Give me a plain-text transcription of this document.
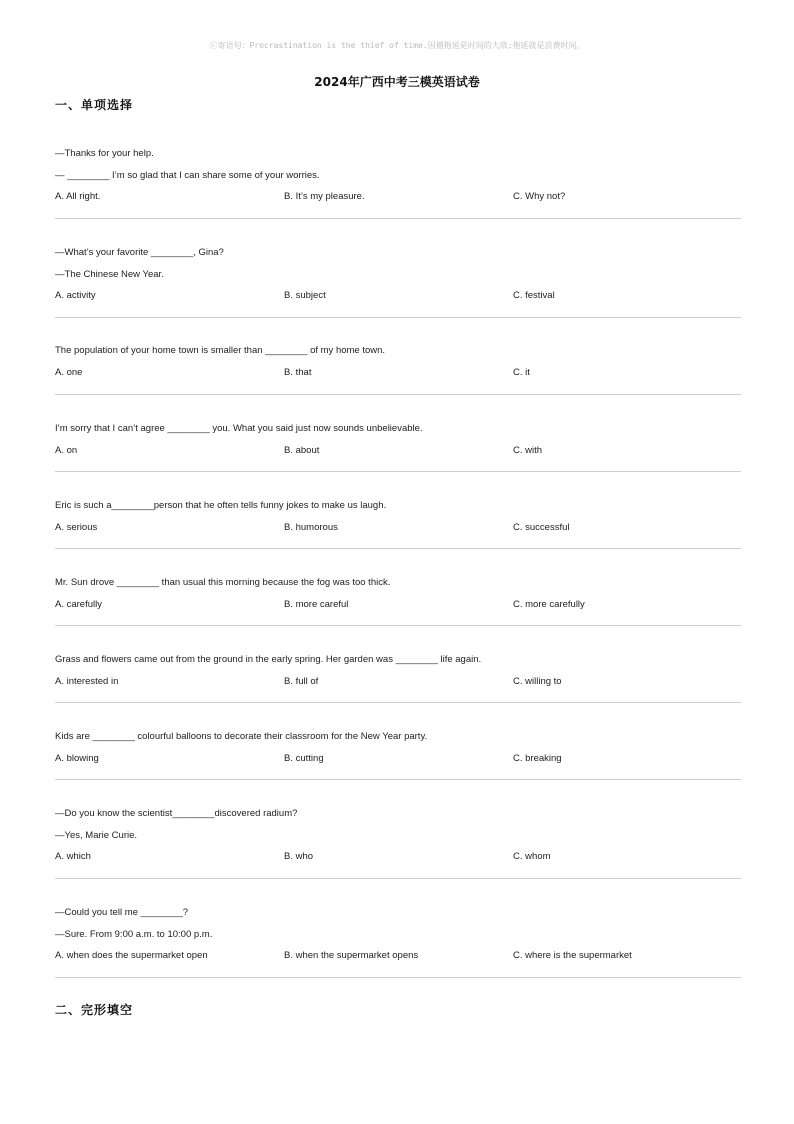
ⓒ寄语句：Procrastination is the thief of time.因循拖延是时间的大敌;拖延就是浪费时间。
2024年广西中考三模英语试卷
一、单项选择
—Thanks for your help.
— ________ I’m so glad that I can share some of your worries.
A. All right.	B. It’s my pleasure.	C. Why not?
—What’s your favorite ________, Gina?
—The Chinese New Year.
A. activity	B. subject	C. festival
The population of your home town is smaller than ________ of my home town.
A. one	B. that	C. it
I’m sorry that I can’t agree ________ you. What you said just now sounds unbelievable.
A. on	B. about	C. with
Eric is such a________person that he often tells funny jokes to make us laugh.
A. serious	B. humorous	C. successful
Mr. Sun drove ________ than usual this morning because the fog was too thick.
A. carefully	B. more careful	C. more carefully
Grass and flowers came out from the ground in the early spring. Her garden was ________ life again.
A. interested in	B. full of	C. willing to
Kids are ________ colourful balloons to decorate their classroom for the New Year party.
A. blowing	B. cutting	C. breaking
—Do you know the scientist________discovered radium?
—Yes, Marie Curie.
A. which	B. who	C. whom
—Could you tell me ________?
—Sure. From 9:00 a.m. to 10:00 p.m.
A. when does the supermarket open	B. when the supermarket opens	C. where is the supermarket
二、完形填空
